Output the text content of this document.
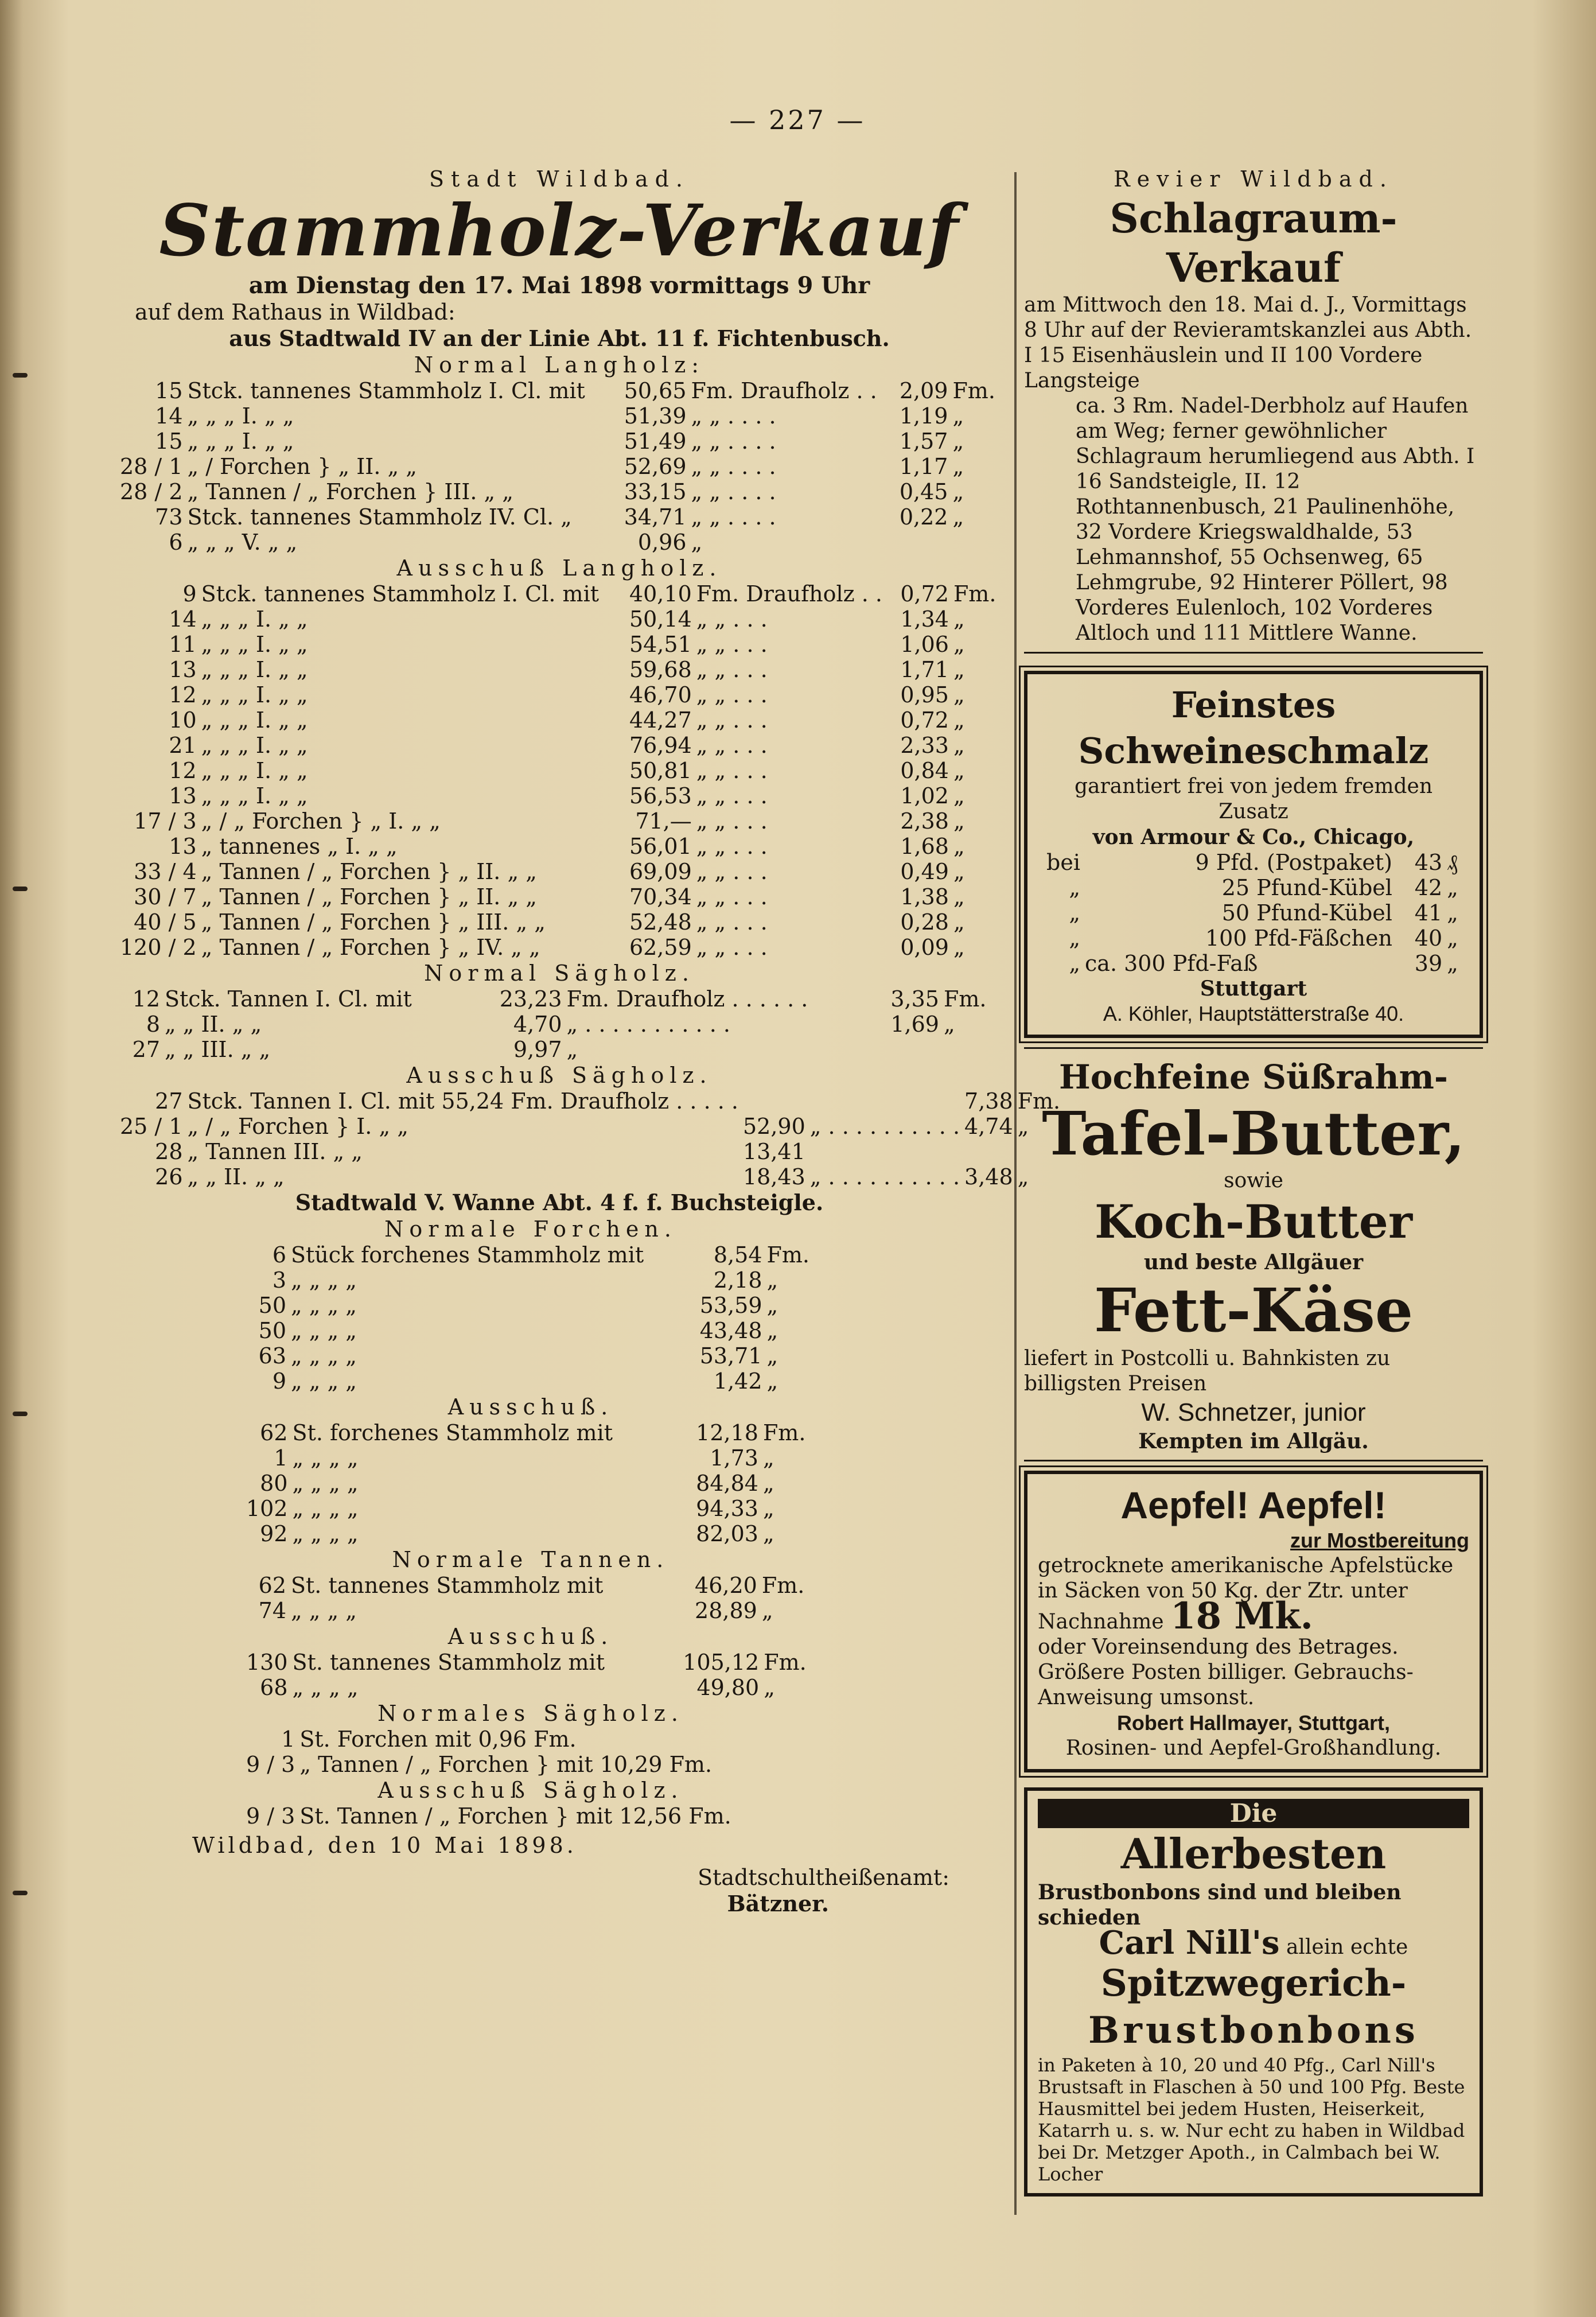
— 227 —
Stadt Wildbad.
Stammholz-Verkauf
am Dienstag den 17. Mai 1898 vormittags 9 Uhr
auf dem Rathaus in Wildbad:
aus Stadtwald IV an der Linie Abt. 11 f. Fichtenbusch.
Normal Langholz:
15	Stck. tannenes Stammholz I. Cl. mit	50,65	Fm. Draufholz . .	2,09	Fm.
14	„ „ „ I. „ „	51,39	„ „ . . . .	1,19	„
15	„ „ „ I. „ „	51,49	„ „ . . . .	1,57	„
28 / 1	„ / Forchen } „ II. „ „	52,69	„ „ . . . .	1,17	„
28 / 2	„ Tannen / „ Forchen } III. „ „	33,15	„ „ . . . .	0,45	„
73	Stck. tannenes Stammholz IV. Cl. „	34,71	„ „ . . . .	0,22	„
6	„ „ „ V. „ „	0,96	„		
Ausschuß Langholz.
9	Stck. tannenes Stammholz I. Cl. mit	40,10	Fm. Draufholz . .	0,72	Fm.
14	„ „ „ I. „ „	50,14	„ „ . . .	1,34	„
11	„ „ „ I. „ „	54,51	„ „ . . .	1,06	„
13	„ „ „ I. „ „	59,68	„ „ . . .	1,71	„
12	„ „ „ I. „ „	46,70	„ „ . . .	0,95	„
10	„ „ „ I. „ „	44,27	„ „ . . .	0,72	„
21	„ „ „ I. „ „	76,94	„ „ . . .	2,33	„
12	„ „ „ I. „ „	50,81	„ „ . . .	0,84	„
13	„ „ „ I. „ „	56,53	„ „ . . .	1,02	„
17 / 3	„ / „ Forchen } „ I. „ „	71,—	„ „ . . .	2,38	„
13	„ tannenes „ I. „ „	56,01	„ „ . . .	1,68	„
33 / 4	„ Tannen / „ Forchen } „ II. „ „	69,09	„ „ . . .	0,49	„
30 / 7	„ Tannen / „ Forchen } „ II. „ „	70,34	„ „ . . .	1,38	„
40 / 5	„ Tannen / „ Forchen } „ III. „ „	52,48	„ „ . . .	0,28	„
120 / 2	„ Tannen / „ Forchen } „ IV. „ „	62,59	„ „ . . .	0,09	„
Normal Sägholz.
12	Stck. Tannen I. Cl. mit	23,23	Fm. Draufholz . . . . . .	3,35	Fm.
8	„ „ II. „ „	4,70	„ . . . . . . . . . . .	1,69	„
27	„ „ III. „ „	9,97	„		
Ausschuß Sägholz.
27	Stck. Tannen I. Cl. mit 55,24 Fm. Draufholz . . . . .			7,38	Fm.
25 / 1	„ / „ Forchen } I. „ „	52,90	„ . . . . . . . . . .	4,74	„
28	„ Tannen III. „ „	13,41			
26	„ „ II. „ „	18,43	„ . . . . . . . . . .	3,48	„
Stadtwald V. Wanne Abt. 4 f. f. Buchsteigle.
Normale Forchen.
6	Stück forchenes Stammholz mit	8,54	Fm.
3	„ „ „ „	2,18	„
50	„ „ „ „	53,59	„
50	„ „ „ „	43,48	„
63	„ „ „ „	53,71	„
9	„ „ „ „	1,42	„
Ausschuß.
62	St. forchenes Stammholz mit	12,18	Fm.
1	„ „ „ „	1,73	„
80	„ „ „ „	84,84	„
102	„ „ „ „	94,33	„
92	„ „ „ „	82,03	„
Normale Tannen.
62	St. tannenes Stammholz mit	46,20	Fm.
74	„ „ „ „	28,89	„
Ausschuß.
130	St. tannenes Stammholz mit	105,12	Fm.
68	„ „ „ „	49,80	„
Normales Sägholz.
1	St. Forchen mit 0,96 Fm.
9 / 3	„ Tannen / „ Forchen } mit 10,29 Fm.
Ausschuß Sägholz.
9 / 3	St. Tannen / „ Forchen } mit 12,56 Fm.
Wildbad, den 10 Mai 1898.
Stadtschultheißenamt:
Bätzner.
Revier Wildbad.
Schlagraum-Verkauf
am Mittwoch den 18. Mai d. J., Vormittags 8 Uhr auf der Revieramtskanzlei aus Abth. I 15 Eisenhäuslein und II 100 Vordere Langsteige
ca. 3 Rm. Nadel-Derbholz auf Haufen am Weg; ferner gewöhnlicher Schlagraum herumliegend aus Abth. I 16 Sandsteigle, II. 12 Rothtannenbusch, 21 Paulinenhöhe, 32 Vordere Kriegswaldhalde, 53 Lehmannshof, 55 Ochsenweg, 65 Lehmgrube, 92 Hinterer Pöllert, 98 Vorderes Eulenloch, 102 Vorderes Altloch und 111 Mittlere Wanne.
Feinstes Schweineschmalz
garantiert frei von jedem fremden Zusatz
von Armour & Co., Chicago,
bei	9 Pfd. (Postpaket)	43	₰
„	25 Pfund-Kübel	42	„
„	50 Pfund-Kübel	41	„
„	100 Pfd-Fäßchen	40	„
„	ca. 300 Pfd-Faß	39	„
Stuttgart
A. Köhler, Hauptstätterstraße 40.
Hochfeine Süßrahm-
Tafel-Butter,
sowie
Koch-Butter
und beste Allgäuer
Fett-Käse
liefert in Postcolli u. Bahnkisten zu billigsten Preisen
W. Schnetzer, junior
Kempten im Allgäu.
Aepfel! Aepfel!
zur Mostbereitung
getrocknete amerikanische Apfelstücke in Säcken von 50 Kg. der Ztr. unter Nachnahme 18 Mk.
oder Voreinsendung des Betrages. Größere Posten billiger. Gebrauchs-Anweisung umsonst.
Robert Hallmayer, Stuttgart,
Rosinen- und Aepfel-Großhandlung.
Die
Allerbesten
Brustbonbons sind und bleiben schieden
Carl Nill's allein echte
Spitzwegerich-
Brustbonbons
in Paketen à 10, 20 und 40 Pfg., Carl Nill's Brustsaft in Flaschen à 50 und 100 Pfg. Beste Hausmittel bei jedem Husten, Heiserkeit, Katarrh u. s. w. Nur echt zu haben in Wildbad bei Dr. Metzger Apoth., in Calmbach bei W. Locher
